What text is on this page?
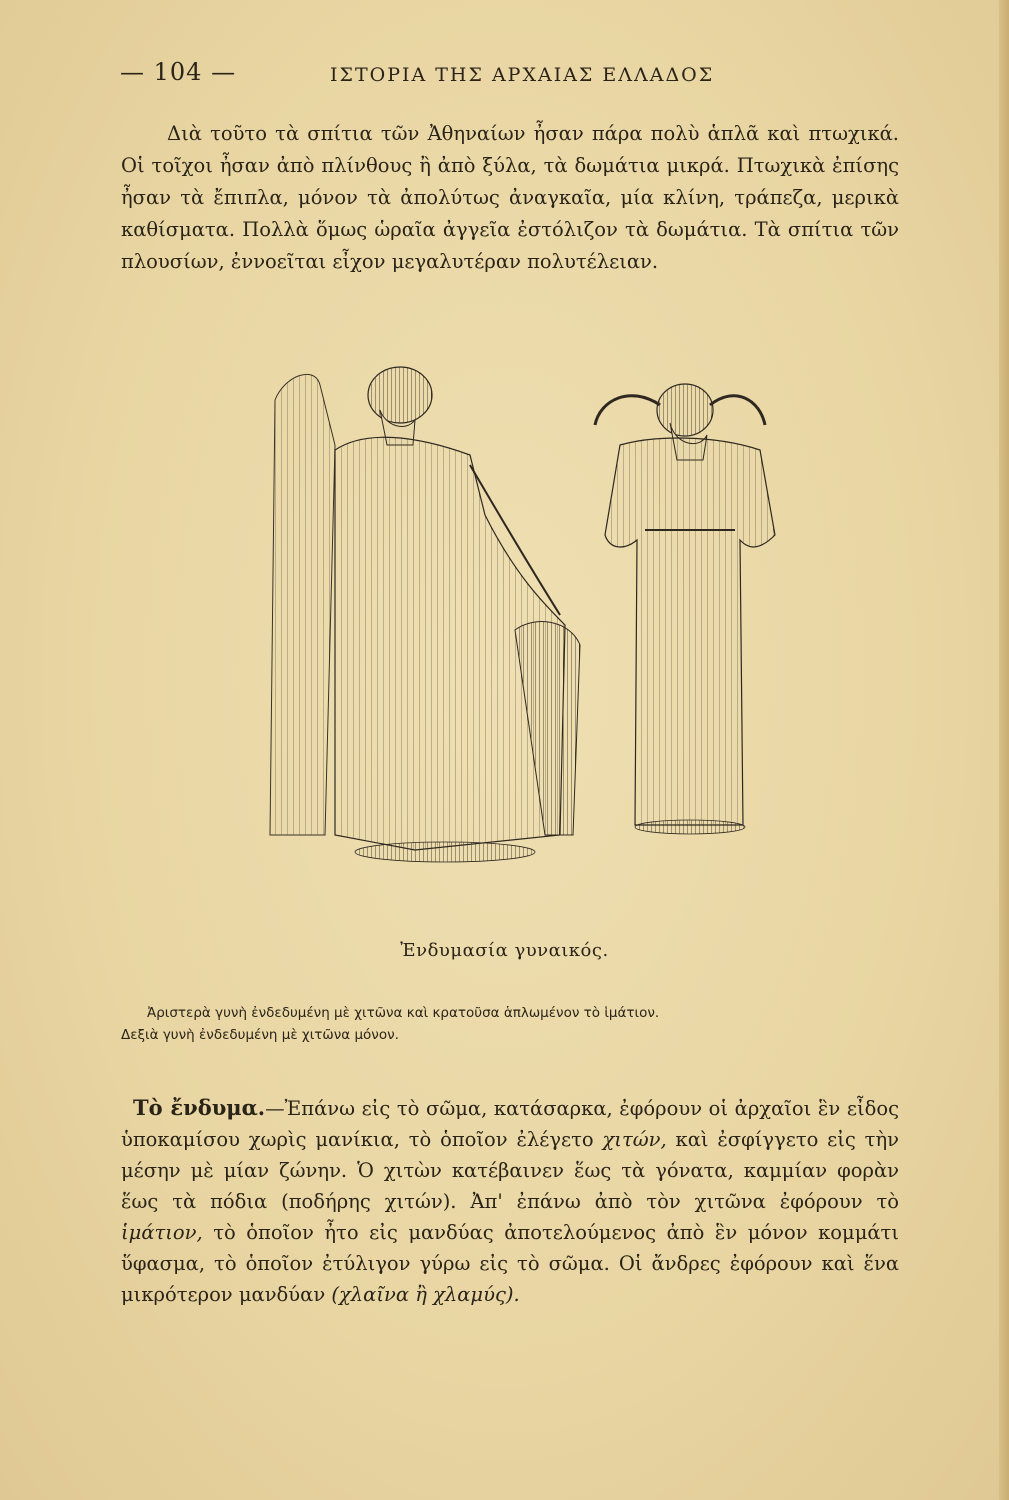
— 104 —	ΙΣΤΟΡΙΑ ΤΗΣ ΑΡΧΑΙΑΣ ΕΛΛΑΔΟΣ

Διὰ τοῦτο τὰ σπίτια τῶν Ἀθηναίων ἦσαν πάρα πολὺ ἁπλᾶ καὶ πτωχικά. Οἱ τοῖχοι ἦσαν ἀπὸ πλίνθους ἢ ἀπὸ ξύλα, τὰ δωμάτια μικρά. Πτωχικὰ ἐπίσης ἦσαν τὰ ἔπιπλα, μόνον τὰ ἀπολύτως ἀναγκαῖα, μία κλίνη, τράπεζα, μερικὰ καθίσματα. Πολλὰ ὅμως ὡραῖα ἀγγεῖα ἐστόλιζον τὰ δωμάτια. Τὰ σπίτια τῶν πλουσίων, ἐννοεῖται εἶχον μεγαλυτέραν πολυτέλειαν.

Ἐνδυμασία γυναικός.
Ἀριστερὰ γυνὴ ἐνδεδυμένη μὲ χιτῶνα καὶ κρατοῦσα ἁπλωμένον τὸ ἱμάτιον.
Δεξιὰ γυνὴ ἐνδεδυμένη μὲ χιτῶνα μόνον.

Τὸ ἔνδυμα.—Ἐπάνω εἰς τὸ σῶμα, κατάσαρκα, ἐφόρουν οἱ ἀρχαῖοι ἓν εἶδος ὑποκαμίσου χωρὶς μανίκια, τὸ ὁποῖον ἐλέγετο χιτών, καὶ ἐσφίγγετο εἰς τὴν μέσην μὲ μίαν ζώνην. Ὁ χιτὼν κατέβαινεν ἕως τὰ γόνατα, καμμίαν φορὰν ἕως τὰ πόδια (ποδήρης χιτών). Ἀπ' ἐπάνω ἀπὸ τὸν χιτῶνα ἐφόρουν τὸ ἱμάτιον, τὸ ὁποῖον ἦτο εἰς μανδύας ἀποτελούμενος ἀπὸ ἓν μόνον κομμάτι ὕφασμα, τὸ ὁποῖον ἐτύλιγον γύρω εἰς τὸ σῶμα. Οἱ ἄνδρες ἐφόρουν καὶ ἕνα μικρότερον μανδύαν (χλαῖνα ἢ χλαμύς).
